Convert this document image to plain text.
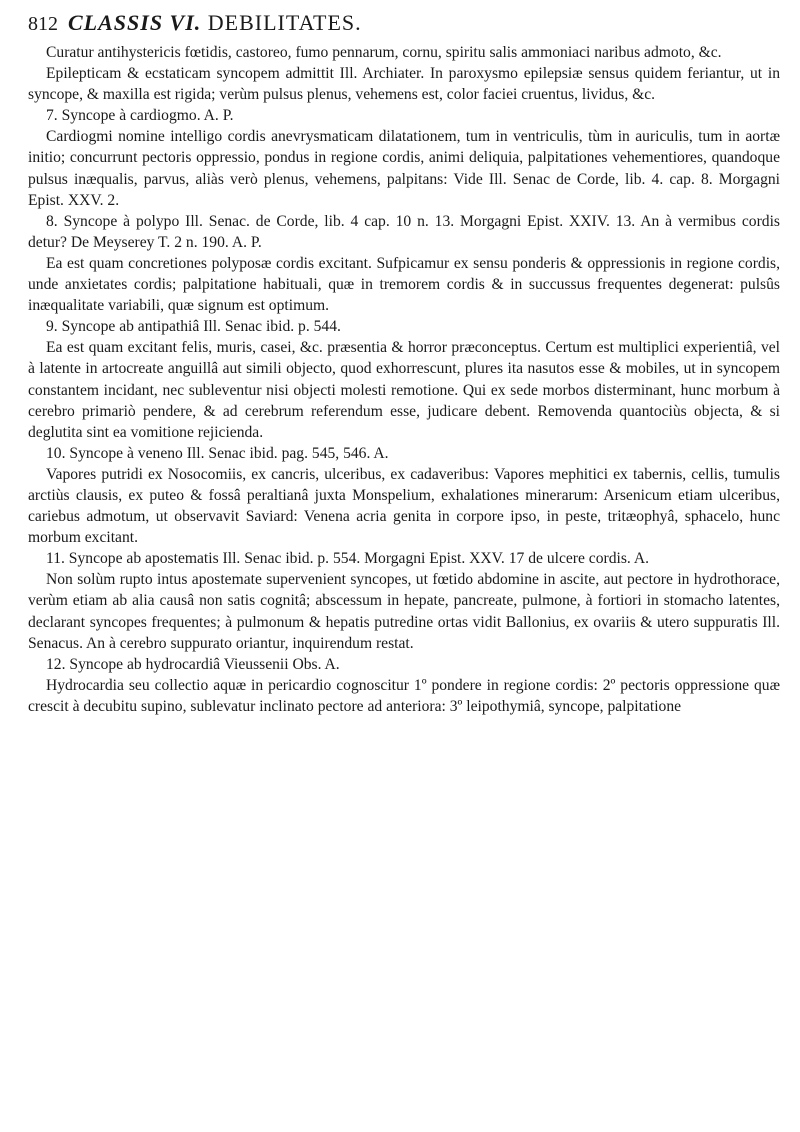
812 CLASSIS VI. DEBILITATES.

Curatur antihystericis fœtidis, castoreo, fumo pennarum, cornu, spiritu salis ammoniaci naribus admoto, &c.

Epilepticam & ecstaticam syncopem admittit Ill. Archiater. In paroxysmo epilepsiæ sensus quidem feriantur, ut in syncope, & maxilla est rigida; verùm pulsus plenus, vehemens est, color faciei cruentus, lividus, &c.

7. Syncope à cardiogmo. A. P.

Cardiogmi nomine intelligo cordis anevrysmaticam dilatationem, tum in ventriculis, tùm in auriculis, tum in aortæ initio; concurrunt pectoris oppressio, pondus in regione cordis, animi deliquia, palpitationes vehementiores, quandoque pulsus inæqualis, parvus, aliàs verò plenus, vehemens, palpitans: Vide Ill. Senac de Corde, lib. 4. cap. 8. Morgagni Epist. XXV. 2.

8. Syncope à polypo Ill. Senac. de Corde, lib. 4 cap. 10 n. 13. Morgagni Epist. XXIV. 13. An à vermibus cordis detur? De Meyserey T. 2 n. 190. A. P.

Ea est quam concretiones polyposæ cordis excitant. Sufpicamur ex sensu ponderis & oppressionis in regione cordis, unde anxietates cordis; palpitatione habituali, quæ in tremorem cordis & in succussus frequentes degenerat: pulsûs inæqualitate variabili, quæ signum est optimum.

9. Syncope ab antipathiâ Ill. Senac ibid. p. 544.

Ea est quam excitant felis, muris, casei, &c. præsentia & horror præconceptus. Certum est multiplici experientiâ, vel à latente in artocreate anguillâ aut simili objecto, quod exhorrescunt, plures ita nasutos esse & mobiles, ut in syncopem constantem incidant, nec subleventur nisi objecti molesti remotione. Qui ex sede morbos disterminant, hunc morbum à cerebro primariò pendere, & ad cerebrum referendum esse, judicare debent. Removenda quantociùs objecta, & si deglutita sint ea vomitione rejicienda.

10. Syncope à veneno Ill. Senac ibid. pag. 545, 546. A.

Vapores putridi ex Nosocomiis, ex cancris, ulceribus, ex cadaveribus: Vapores mephitici ex tabernis, cellis, tumulis arctiùs clausis, ex puteo & fossâ peraltianâ juxta Monspelium, exhalationes minerarum: Arsenicum etiam ulceribus, cariebus admotum, ut observavit Saviard: Venena acria genita in corpore ipso, in peste, tritæophyâ, sphacelo, hunc morbum excitant.

11. Syncope ab apostematis Ill. Senac ibid. p. 554. Morgagni Epist. XXV. 17 de ulcere cordis. A.

Non solùm rupto intus apostemate supervenient syncopes, ut fœtido abdomine in ascite, aut pectore in hydrothorace, verùm etiam ab alia causâ non satis cognitâ; abscessum in hepate, pancreate, pulmone, à fortiori in stomacho latentes, declarant syncopes frequentes; à pulmonum & hepatis putredine ortas vidit Ballonius, ex ovariis & utero suppuratis Ill. Senacus. An à cerebro suppurato oriantur, inquirendum restat.

12. Syncope ab hydrocardiâ Vieussenii Obs. A.

Hydrocardia seu collectio aquæ in pericardio cognoscitur 1º pondere in regione cordis: 2º pectoris oppressione quæ crescit à decubitu supino, sublevatur inclinato pectore ad anteriora: 3º leipothymiâ, syncope, palpitatione
